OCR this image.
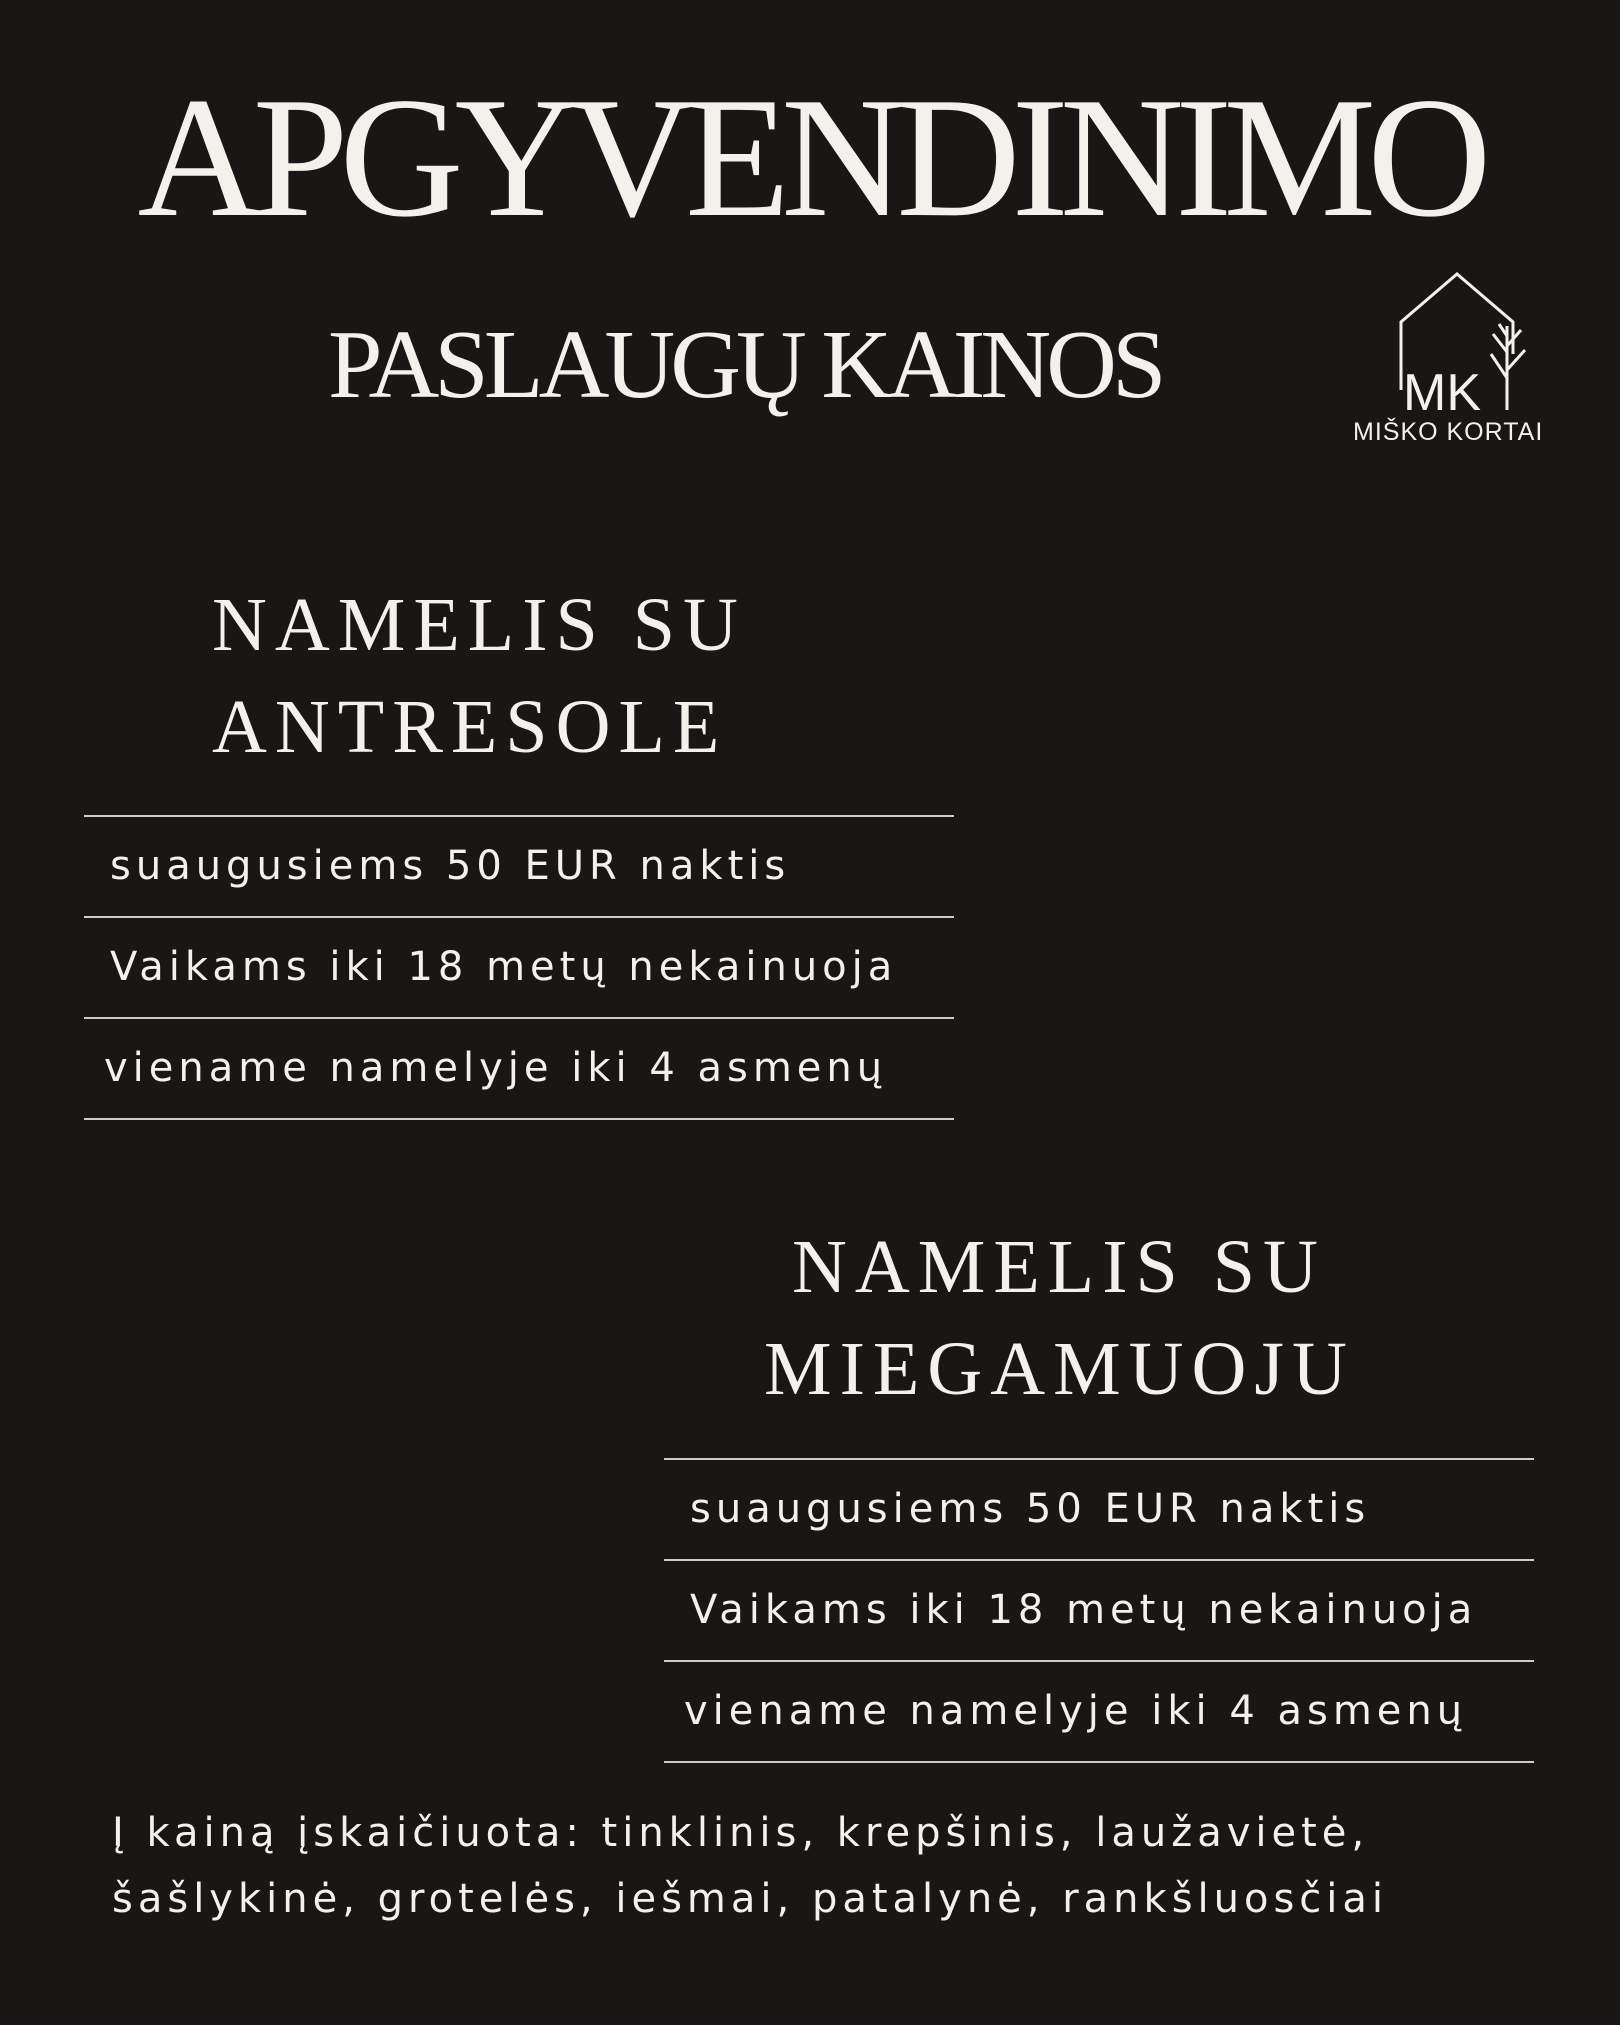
APGYVENDINIMO
PASLAUGŲ KAINOS	MK
MIŠKO KORTAI
NAMELIS SU
ANTRESOLE
suaugusiems 50 EUR naktis
Vaikams iki 18 metų nekainuoja
viename namelyje iki 4 asmenų
NAMELIS SU
MIEGAMUOJU
suaugusiems 50 EUR naktis
Vaikams iki 18 metų nekainuoja
viename namelyje iki 4 asmenų

Į kainą įskaičiuota: tinklinis, krepšinis, laužavietė, šašlykinė, grotelės, iešmai, patalynė, rankšluosčiai
